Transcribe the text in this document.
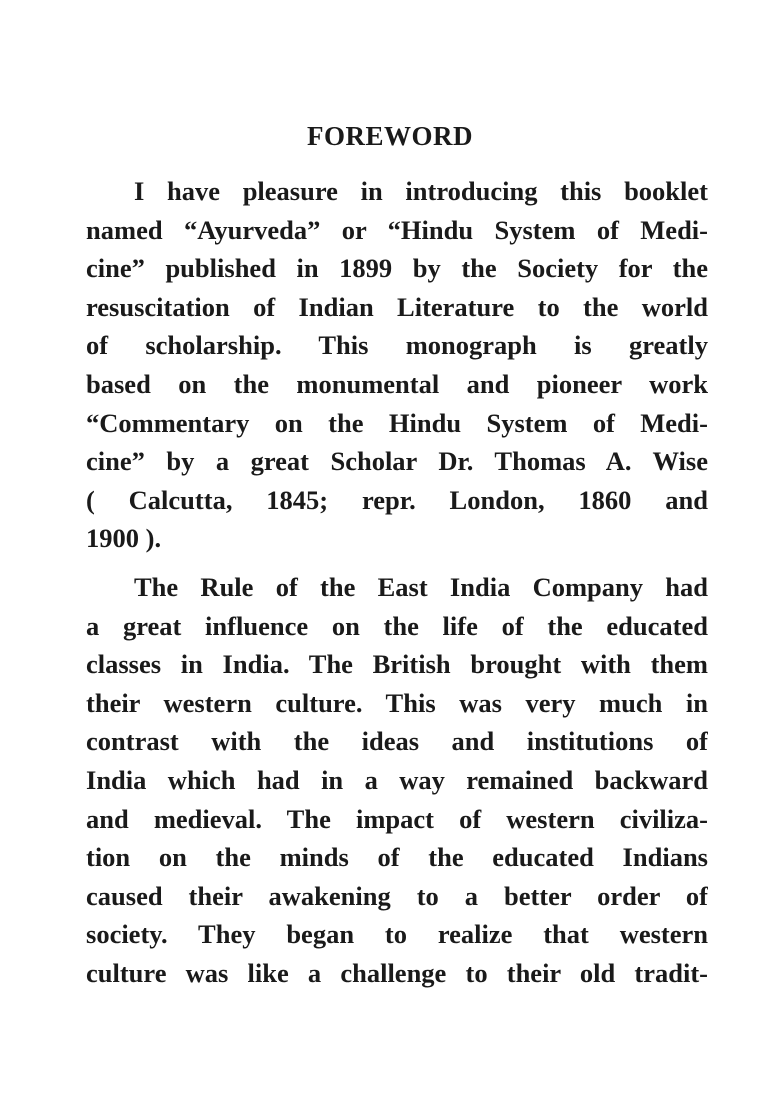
FOREWORD
I have pleasure in introducing this booklet
named “Ayurveda” or “Hindu System of Medi-
cine” published in 1899 by the Society for the
resuscitation of Indian Literature to the world
of scholarship. This monograph is greatly
based on the monumental and pioneer work
“Commentary on the Hindu System of Medi-
cine” by a great Scholar Dr. Thomas A. Wise
( Calcutta, 1845; repr. London, 1860 and
1900 ).
The Rule of the East India Company had
a great influence on the life of the educated
classes in India. The British brought with them
their western culture. This was very much in
contrast with the ideas and institutions of
India which had in a way remained backward
and medieval. The impact of western civiliza-
tion on the minds of the educated Indians
caused their awakening to a better order of
society. They began to realize that western
culture was like a challenge to their old tradit-
